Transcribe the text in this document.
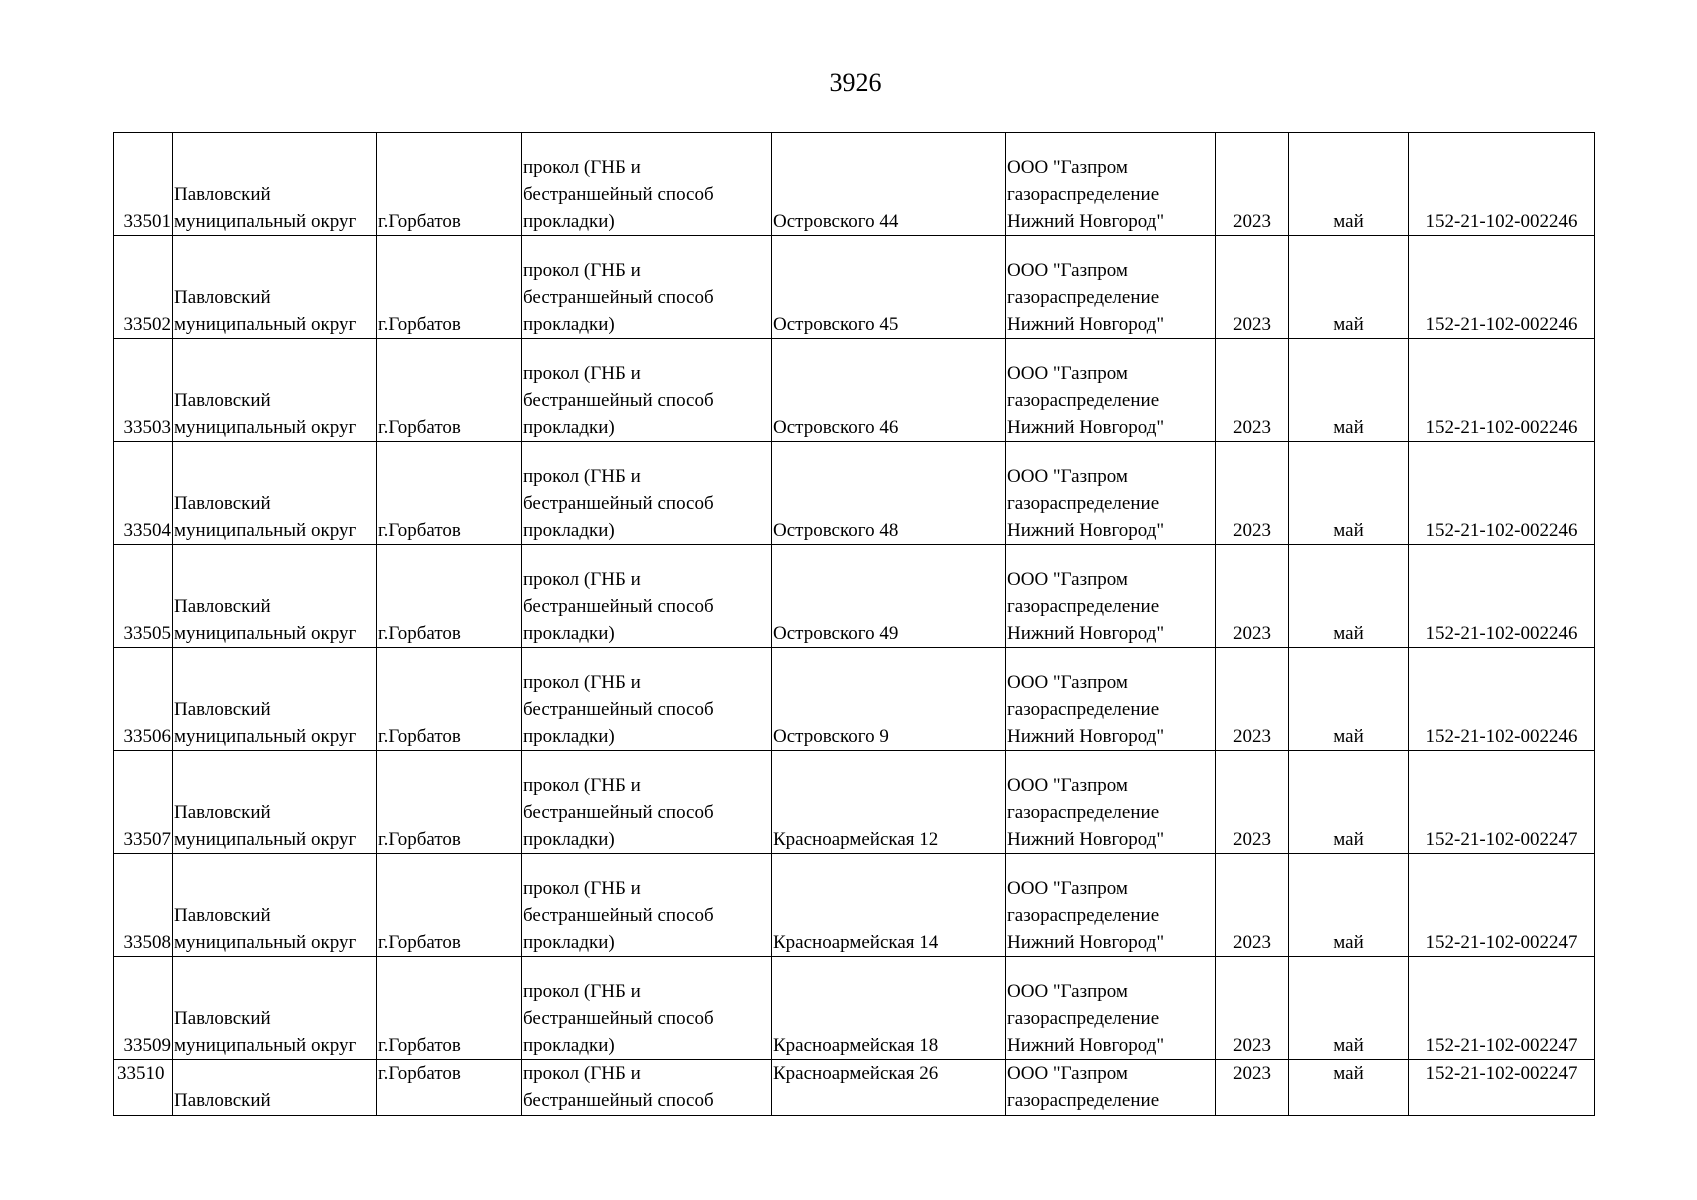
3926
33501	Павловский
муниципальный округ	г.Горбатов	прокол (ГНБ и
бестраншейный способ
прокладки)	Островского 44	ООО "Газпром
газораспределение
Нижний Новгород"	2023	май	152-21-102-002246

33502	Павловский
муниципальный округ	г.Горбатов	прокол (ГНБ и
бестраншейный способ
прокладки)	Островского 45	ООО "Газпром
газораспределение
Нижний Новгород"	2023	май	152-21-102-002246

33503	Павловский
муниципальный округ	г.Горбатов	прокол (ГНБ и
бестраншейный способ
прокладки)	Островского 46	ООО "Газпром
газораспределение
Нижний Новгород"	2023	май	152-21-102-002246

33504	Павловский
муниципальный округ	г.Горбатов	прокол (ГНБ и
бестраншейный способ
прокладки)	Островского 48	ООО "Газпром
газораспределение
Нижний Новгород"	2023	май	152-21-102-002246

33505	Павловский
муниципальный округ	г.Горбатов	прокол (ГНБ и
бестраншейный способ
прокладки)	Островского 49	ООО "Газпром
газораспределение
Нижний Новгород"	2023	май	152-21-102-002246

33506	Павловский
муниципальный округ	г.Горбатов	прокол (ГНБ и
бестраншейный способ
прокладки)	Островского 9	ООО "Газпром
газораспределение
Нижний Новгород"	2023	май	152-21-102-002246

33507	Павловский
муниципальный округ	г.Горбатов	прокол (ГНБ и
бестраншейный способ
прокладки)	Красноармейская 12	ООО "Газпром
газораспределение
Нижний Новгород"	2023	май	152-21-102-002247

33508	Павловский
муниципальный округ	г.Горбатов	прокол (ГНБ и
бестраншейный способ
прокладки)	Красноармейская 14	ООО "Газпром
газораспределение
Нижний Новгород"	2023	май	152-21-102-002247

33509	Павловский
муниципальный округ	г.Горбатов	прокол (ГНБ и
бестраншейный способ
прокладки)	Красноармейская 18	ООО "Газпром
газораспределение
Нижний Новгород"	2023	май	152-21-102-002247

33510	Павловский	г.Горбатов	прокол (ГНБ и
бестраншейный способ	Красноармейская 26	ООО "Газпром
газораспределение	2023	май	152-21-102-002247
